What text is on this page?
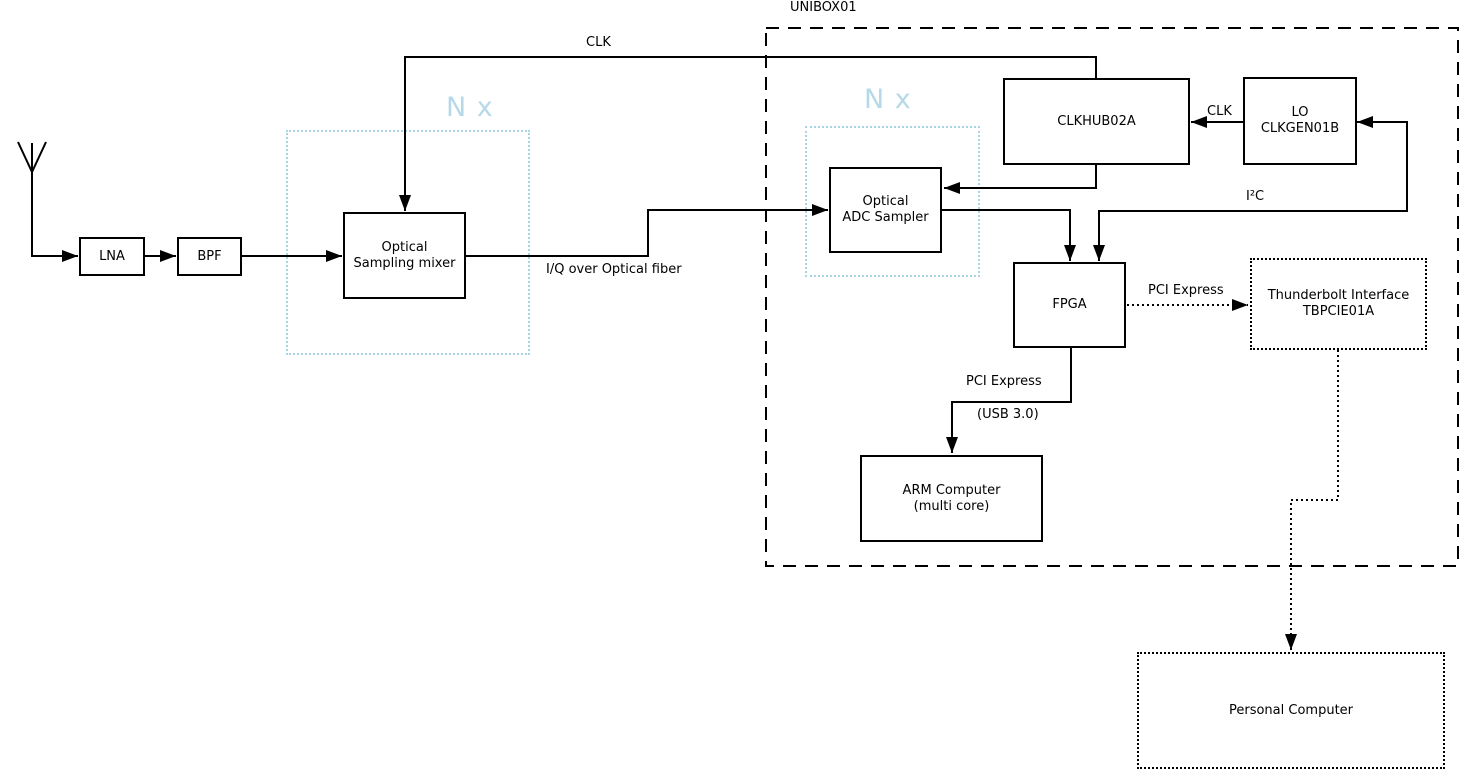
LNA	BPF
Optical
Sampling mixer
Optical
ADC Sampler
CLKHUB02A
LO
CLKGEN01B
FPGA
Thunderbolt Interface
TBPCIE01A
ARM Computer
(multi core)
Personal Computer
UNIBOX01
N x	N x
CLK
I/Q over Optical fiber
CLK
I²C
PCI Express
PCI Express
(USB 3.0)
